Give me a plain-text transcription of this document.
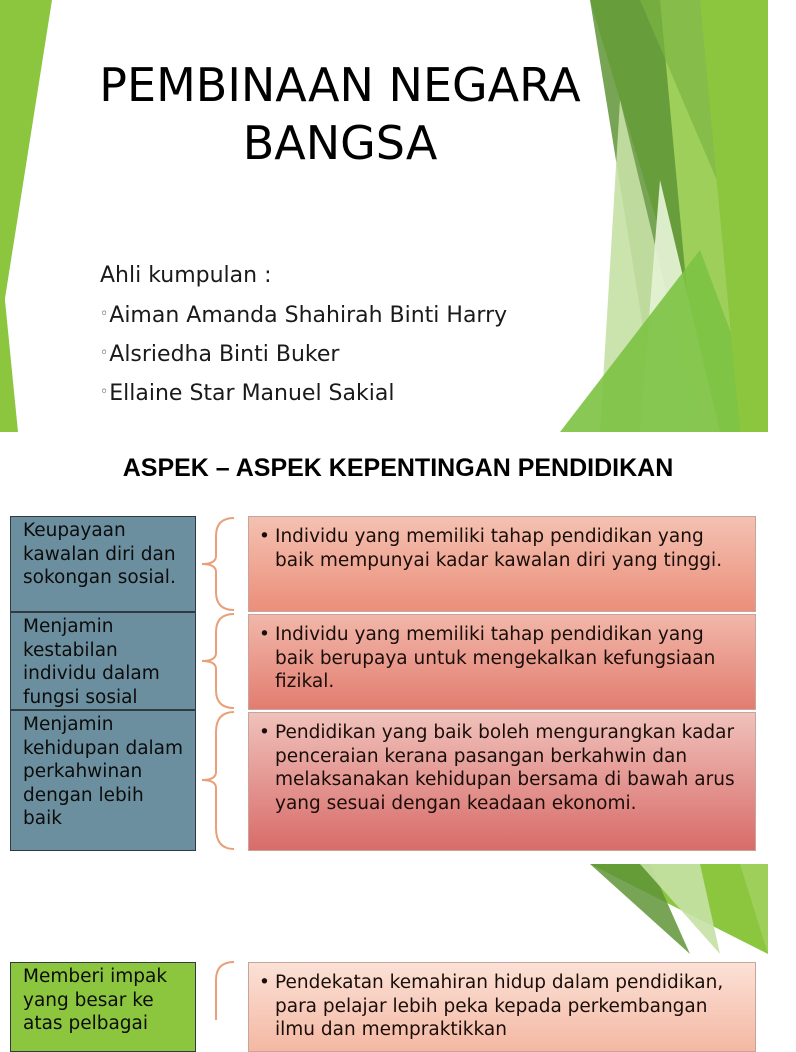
PEMBINAAN NEGARA
BANGSA
Ahli kumpulan :
◦Aiman Amanda Shahirah Binti Harry
◦Alsriedha Binti Buker
◦Ellaine Star Manuel Sakial
ASPEK – ASPEK KEPENTINGAN PENDIDIKAN
Keupayaan kawalan diri dan sokongan sosial.
Menjamin kestabilan individu dalam fungsi sosial
Menjamin kehidupan dalam perkahwinan dengan lebih baik
• Individu yang memiliki tahap pendidikan yang baik mempunyai kadar kawalan diri yang tinggi.
• Individu yang memiliki tahap pendidikan yang baik berupaya untuk mengekalkan kefungsiaan fizikal.
• Pendidikan yang baik boleh mengurangkan kadar penceraian kerana pasangan berkahwin dan melaksanakan kehidupan bersama di bawah arus yang sesuai dengan keadaan ekonomi.
Memberi impak yang besar ke atas pelbagai
• Pendekatan kemahiran hidup dalam pendidikan, para pelajar lebih peka kepada perkembangan ilmu dan mempraktikkan
